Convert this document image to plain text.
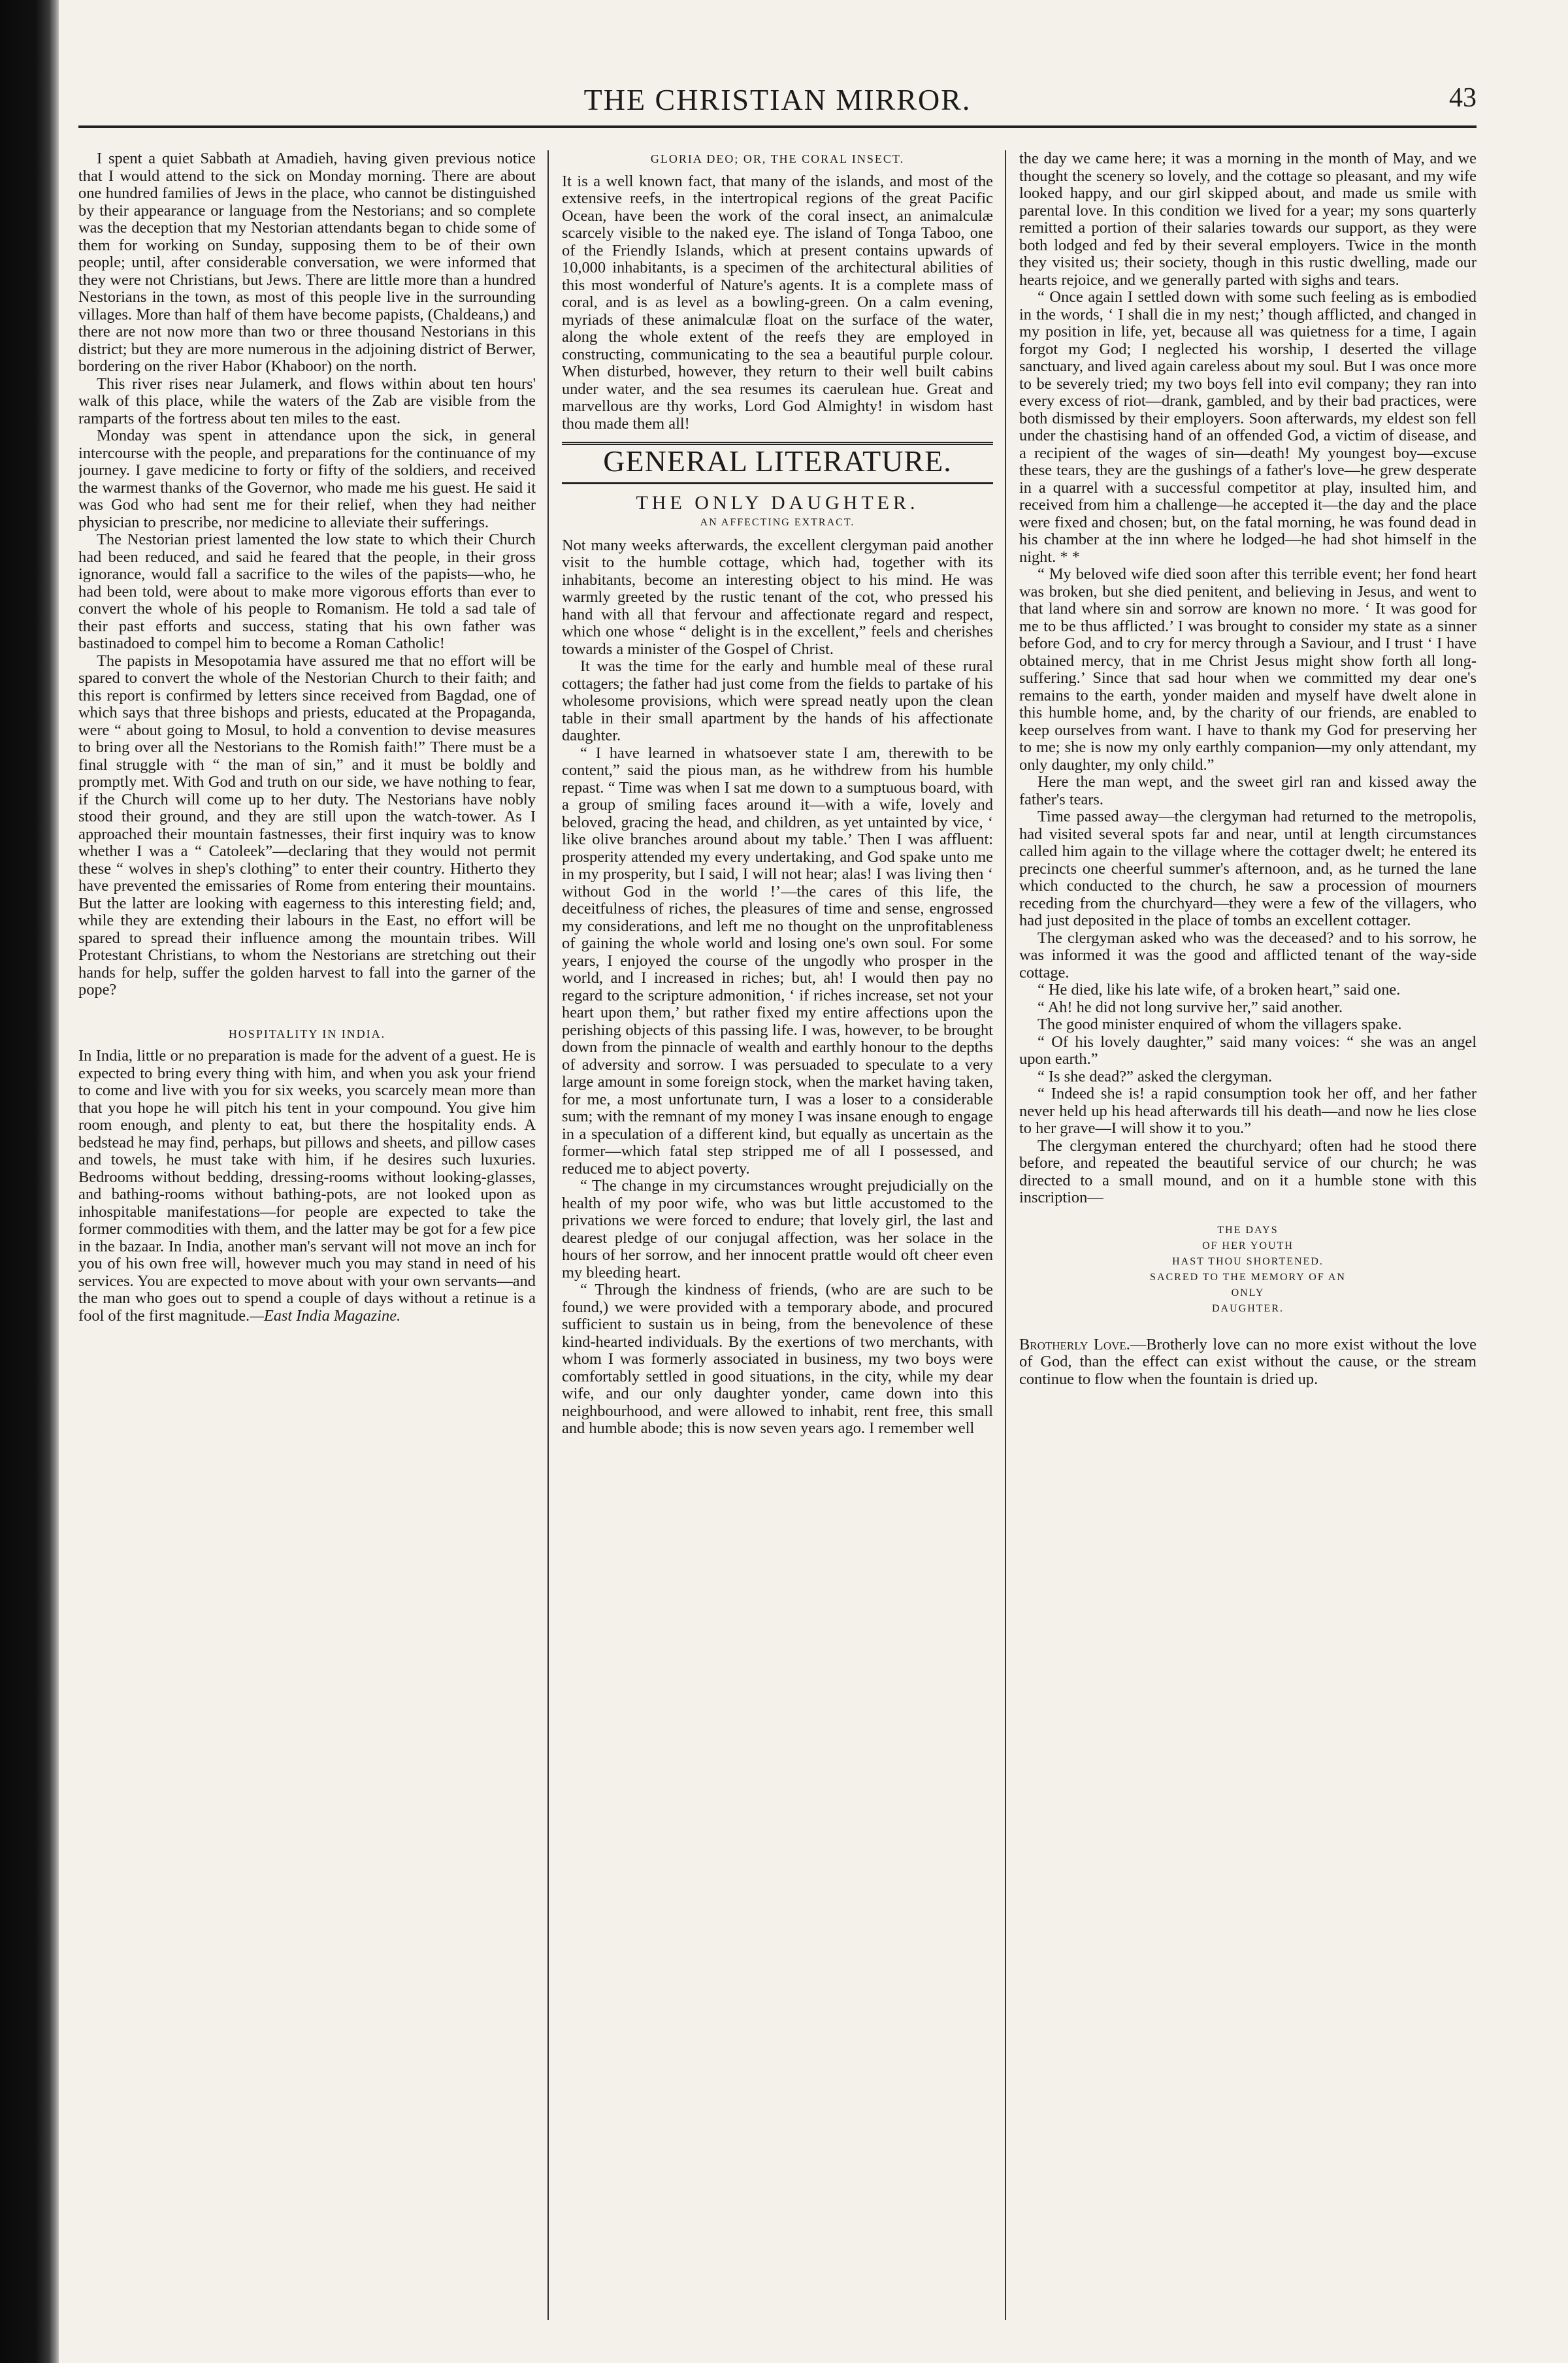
THE CHRISTIAN MIRROR.	43

I spent a quiet Sabbath at Amadieh, having given previous notice that I would attend to the sick on Monday morning. There are about one hundred families of Jews in the place, who cannot be distinguished by their appearance or language from the Nestorians; and so complete was the deception that my Nestorian attendants began to chide some of them for working on Sunday, supposing them to be of their own people; until, after considerable conversation, we were informed that they were not Christians, but Jews. There are little more than a hundred Nestorians in the town, as most of this people live in the surrounding villages. More than half of them have become papists, (Chaldeans,) and there are not now more than two or three thousand Nestorians in this district; but they are more numerous in the adjoining district of Berwer, bordering on the river Habor (Khaboor) on the north.

This river rises near Julamerk, and flows within about ten hours' walk of this place, while the waters of the Zab are visible from the ramparts of the fortress about ten miles to the east.

Monday was spent in attendance upon the sick, in general intercourse with the people, and preparations for the continuance of my journey. I gave medicine to forty or fifty of the soldiers, and received the warmest thanks of the Governor, who made me his guest. He said it was God who had sent me for their relief, when they had neither physician to prescribe, nor medicine to alleviate their sufferings.

The Nestorian priest lamented the low state to which their Church had been reduced, and said he feared that the people, in their gross ignorance, would fall a sacrifice to the wiles of the papists—who, he had been told, were about to make more vigorous efforts than ever to convert the whole of his people to Romanism. He told a sad tale of their past efforts and success, stating that his own father was bastinadoed to compel him to become a Roman Catholic!

The papists in Mesopotamia have assured me that no effort will be spared to convert the whole of the Nestorian Church to their faith; and this report is confirmed by letters since received from Bagdad, one of which says that three bishops and priests, educated at the Propaganda, were “ about going to Mosul, to hold a convention to devise measures to bring over all the Nestorians to the Romish faith!” There must be a final struggle with “ the man of sin,” and it must be boldly and promptly met. With God and truth on our side, we have nothing to fear, if the Church will come up to her duty. The Nestorians have nobly stood their ground, and they are still upon the watch-tower. As I approached their mountain fastnesses, their first inquiry was to know whether I was a “ Catoleek”—declaring that they would not permit these “ wolves in shep's clothing” to enter their country. Hitherto they have prevented the emissaries of Rome from entering their mountains. But the latter are looking with eagerness to this interesting field; and, while they are extending their labours in the East, no effort will be spared to spread their influence among the mountain tribes. Will Protestant Christians, to whom the Nestorians are stretching out their hands for help, suffer the golden harvest to fall into the garner of the pope?

HOSPITALITY IN INDIA.

In India, little or no preparation is made for the advent of a guest. He is expected to bring every thing with him, and when you ask your friend to come and live with you for six weeks, you scarcely mean more than that you hope he will pitch his tent in your compound. You give him room enough, and plenty to eat, but there the hospitality ends. A bedstead he may find, perhaps, but pillows and sheets, and pillow cases and towels, he must take with him, if he desires such luxuries. Bedrooms without bedding, dressing-rooms without looking-glasses, and bathing-rooms without bathing-pots, are not looked upon as inhospitable manifestations—for people are expected to take the former commodities with them, and the latter may be got for a few pice in the bazaar. In India, another man's servant will not move an inch for you of his own free will, however much you may stand in need of his services. You are expected to move about with your own servants—and the man who goes out to spend a couple of days without a retinue is a fool of the first magnitude.—East India Magazine.

GLORIA DEO; OR, THE CORAL INSECT.

It is a well known fact, that many of the islands, and most of the extensive reefs, in the intertropical regions of the great Pacific Ocean, have been the work of the coral insect, an animalculæ scarcely visible to the naked eye. The island of Tonga Taboo, one of the Friendly Islands, which at present contains upwards of 10,000 inhabitants, is a specimen of the architectural abilities of this most wonderful of Nature's agents. It is a complete mass of coral, and is as level as a bowling-green. On a calm evening, myriads of these animalculæ float on the surface of the water, along the whole extent of the reefs they are employed in constructing, communicating to the sea a beautiful purple colour. When disturbed, however, they return to their well built cabins under water, and the sea resumes its caerulean hue. Great and marvellous are thy works, Lord God Almighty! in wisdom hast thou made them all!

GENERAL LITERATURE.
THE ONLY DAUGHTER.
AN AFFECTING EXTRACT.

Not many weeks afterwards, the excellent clergyman paid another visit to the humble cottage, which had, together with its inhabitants, become an interesting object to his mind. He was warmly greeted by the rustic tenant of the cot, who pressed his hand with all that fervour and affectionate regard and respect, which one whose “ delight is in the excellent,” feels and cherishes towards a minister of the Gospel of Christ.

It was the time for the early and humble meal of these rural cottagers; the father had just come from the fields to partake of his wholesome provisions, which were spread neatly upon the clean table in their small apartment by the hands of his affectionate daughter.

“ I have learned in whatsoever state I am, therewith to be content,” said the pious man, as he withdrew from his humble repast. “ Time was when I sat me down to a sumptuous board, with a group of smiling faces around it—with a wife, lovely and beloved, gracing the head, and children, as yet untainted by vice, ‘ like olive branches around about my table.’ Then I was affluent: prosperity attended my every undertaking, and God spake unto me in my prosperity, but I said, I will not hear; alas! I was living then ‘ without God in the world !’—the cares of this life, the deceitfulness of riches, the pleasures of time and sense, engrossed my considerations, and left me no thought on the unprofitableness of gaining the whole world and losing one's own soul. For some years, I enjoyed the course of the ungodly who prosper in the world, and I increased in riches; but, ah! I would then pay no regard to the scripture admonition, ‘ if riches increase, set not your heart upon them,’ but rather fixed my entire affections upon the perishing objects of this passing life. I was, however, to be brought down from the pinnacle of wealth and earthly honour to the depths of adversity and sorrow. I was persuaded to speculate to a very large amount in some foreign stock, when the market having taken, for me, a most unfortunate turn, I was a loser to a considerable sum; with the remnant of my money I was insane enough to engage in a speculation of a different kind, but equally as uncertain as the former—which fatal step stripped me of all I possessed, and reduced me to abject poverty.

“ The change in my circumstances wrought prejudicially on the health of my poor wife, who was but little accustomed to the privations we were forced to endure; that lovely girl, the last and dearest pledge of our conjugal affection, was her solace in the hours of her sorrow, and her innocent prattle would oft cheer even my bleeding heart.

“ Through the kindness of friends, (who are are such to be found,) we were provided with a temporary abode, and procured sufficient to sustain us in being, from the benevolence of these kind-hearted individuals. By the exertions of two merchants, with whom I was formerly associated in business, my two boys were comfortably settled in good situations, in the city, while my dear wife, and our only daughter yonder, came down into this neighbourhood, and were allowed to inhabit, rent free, this small and humble abode; this is now seven years ago. I remember well

the day we came here; it was a morning in the month of May, and we thought the scenery so lovely, and the cottage so pleasant, and my wife looked happy, and our girl skipped about, and made us smile with parental love. In this condition we lived for a year; my sons quarterly remitted a portion of their salaries towards our support, as they were both lodged and fed by their several employers. Twice in the month they visited us; their society, though in this rustic dwelling, made our hearts rejoice, and we generally parted with sighs and tears.

“ Once again I settled down with some such feeling as is embodied in the words, ‘ I shall die in my nest;’ though afflicted, and changed in my position in life, yet, because all was quietness for a time, I again forgot my God; I neglected his worship, I deserted the village sanctuary, and lived again careless about my soul. But I was once more to be severely tried; my two boys fell into evil company; they ran into every excess of riot—drank, gambled, and by their bad practices, were both dismissed by their employers. Soon afterwards, my eldest son fell under the chastising hand of an offended God, a victim of disease, and a recipient of the wages of sin—death! My youngest boy—excuse these tears, they are the gushings of a father's love—he grew desperate in a quarrel with a successful competitor at play, insulted him, and received from him a challenge—he accepted it—the day and the place were fixed and chosen; but, on the fatal morning, he was found dead in his chamber at the inn where he lodged—he had shot himself in the night. * *

“ My beloved wife died soon after this terrible event; her fond heart was broken, but she died penitent, and believing in Jesus, and went to that land where sin and sorrow are known no more. ‘ It was good for me to be thus afflicted.’ I was brought to consider my state as a sinner before God, and to cry for mercy through a Saviour, and I trust ‘ I have obtained mercy, that in me Christ Jesus might show forth all long-suffering.’ Since that sad hour when we committed my dear one's remains to the earth, yonder maiden and myself have dwelt alone in this humble home, and, by the charity of our friends, are enabled to keep ourselves from want. I have to thank my God for preserving her to me; she is now my only earthly companion—my only attendant, my only daughter, my only child.”

Here the man wept, and the sweet girl ran and kissed away the father's tears.

Time passed away—the clergyman had returned to the metropolis, had visited several spots far and near, until at length circumstances called him again to the village where the cottager dwelt; he entered its precincts one cheerful summer's afternoon, and, as he turned the lane which conducted to the church, he saw a procession of mourners receding from the churchyard—they were a few of the villagers, who had just deposited in the place of tombs an excellent cottager.

The clergyman asked who was the deceased? and to his sorrow, he was informed it was the good and afflicted tenant of the way-side cottage.

“ He died, like his late wife, of a broken heart,” said one.

“ Ah! he did not long survive her,” said another.

The good minister enquired of whom the villagers spake.

“ Of his lovely daughter,” said many voices: “ she was an angel upon earth.”

“ Is she dead?” asked the clergyman.

“ Indeed she is! a rapid consumption took her off, and her father never held up his head afterwards till his death—and now he lies close to her grave—I will show it to you.”

The clergyman entered the churchyard; often had he stood there before, and repeated the beautiful service of our church; he was directed to a small mound, and on it a humble stone with this inscription—

THE DAYS
OF HER YOUTH
HAST THOU SHORTENED.
SACRED TO THE MEMORY OF AN
ONLY
DAUGHTER.

Brotherly Love.—Brotherly love can no more exist without the love of God, than the effect can exist without the cause, or the stream continue to flow when the fountain is dried up.
